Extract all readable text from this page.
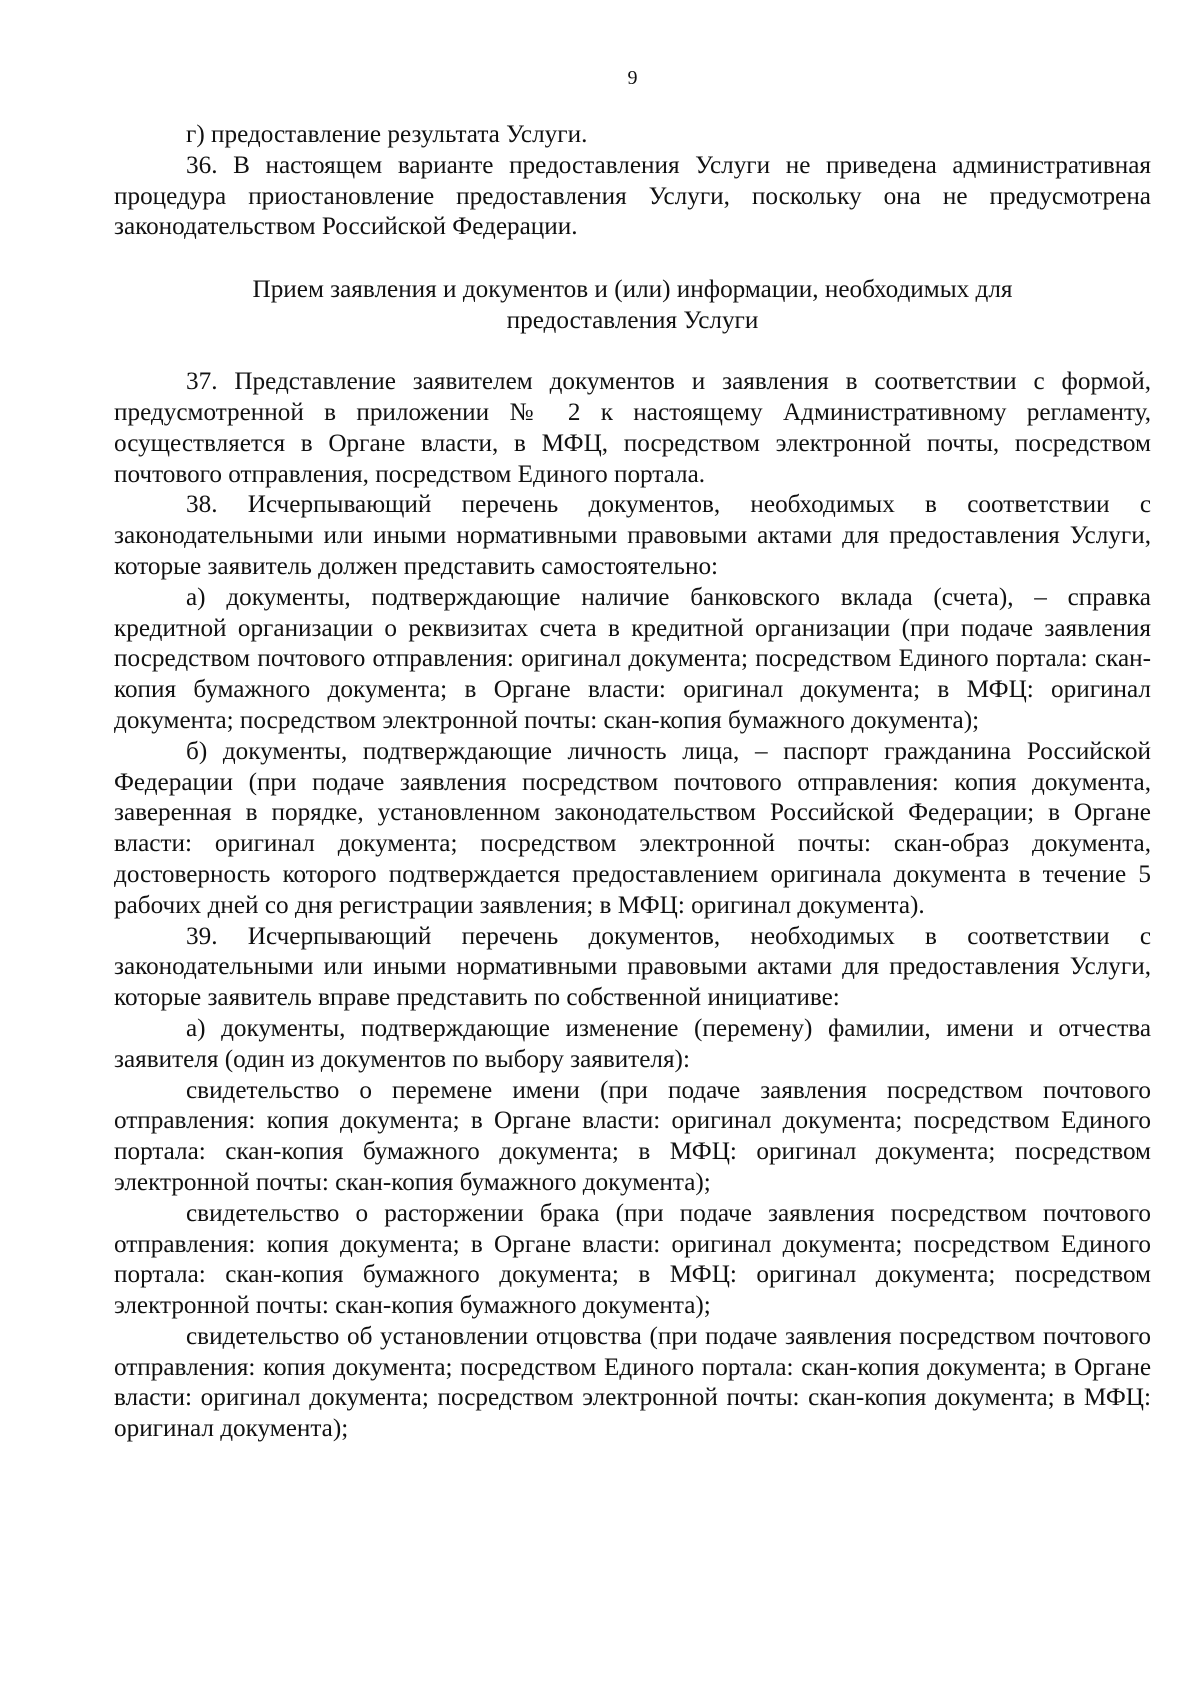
9

г) предоставление результата Услуги.

36. В настоящем варианте предоставления Услуги не приведена административная процедура приостановление предоставления Услуги, поскольку она не предусмотрена законодательством Российской Федерации.

Прием заявления и документов и (или) информации, необходимых для предоставления Услуги

37. Представление заявителем документов и заявления в соответствии с формой, предусмотренной в приложении № 2 к настоящему Административному регламенту, осуществляется в Органе власти, в МФЦ, посредством электронной почты, посредством почтового отправления, посредством Единого портала.

38. Исчерпывающий перечень документов, необходимых в соответствии с законодательными или иными нормативными правовыми актами для предоставления Услуги, которые заявитель должен представить самостоятельно:

а) документы, подтверждающие наличие банковского вклада (счета), – справка кредитной организации о реквизитах счета в кредитной организации (при подаче заявления посредством почтового отправления: оригинал документа; посредством Единого портала: скан-копия бумажного документа; в Органе власти: оригинал документа; в МФЦ: оригинал документа; посредством электронной почты: скан-копия бумажного документа);

б) документы, подтверждающие личность лица, – паспорт гражданина Российской Федерации (при подаче заявления посредством почтового отправления: копия документа, заверенная в порядке, установленном законодательством Российской Федерации; в Органе власти: оригинал документа; посредством электронной почты: скан-образ документа, достоверность которого подтверждается предоставлением оригинала документа в течение 5 рабочих дней со дня регистрации заявления; в МФЦ: оригинал документа).

39. Исчерпывающий перечень документов, необходимых в соответствии с законодательными или иными нормативными правовыми актами для предоставления Услуги, которые заявитель вправе представить по собственной инициативе:

а) документы, подтверждающие изменение (перемену) фамилии, имени и отчества заявителя (один из документов по выбору заявителя):

свидетельство о перемене имени (при подаче заявления посредством почтового отправления: копия документа; в Органе власти: оригинал документа; посредством Единого портала: скан-копия бумажного документа; в МФЦ: оригинал документа; посредством электронной почты: скан-копия бумажного документа);

свидетельство о расторжении брака (при подаче заявления посредством почтового отправления: копия документа; в Органе власти: оригинал документа; посредством Единого портала: скан-копия бумажного документа; в МФЦ: оригинал документа; посредством электронной почты: скан-копия бумажного документа);

свидетельство об установлении отцовства (при подаче заявления посредством почтового отправления: копия документа; посредством Единого портала: скан-копия документа; в Органе власти: оригинал документа; посредством электронной почты: скан-копия документа; в МФЦ: оригинал документа);
